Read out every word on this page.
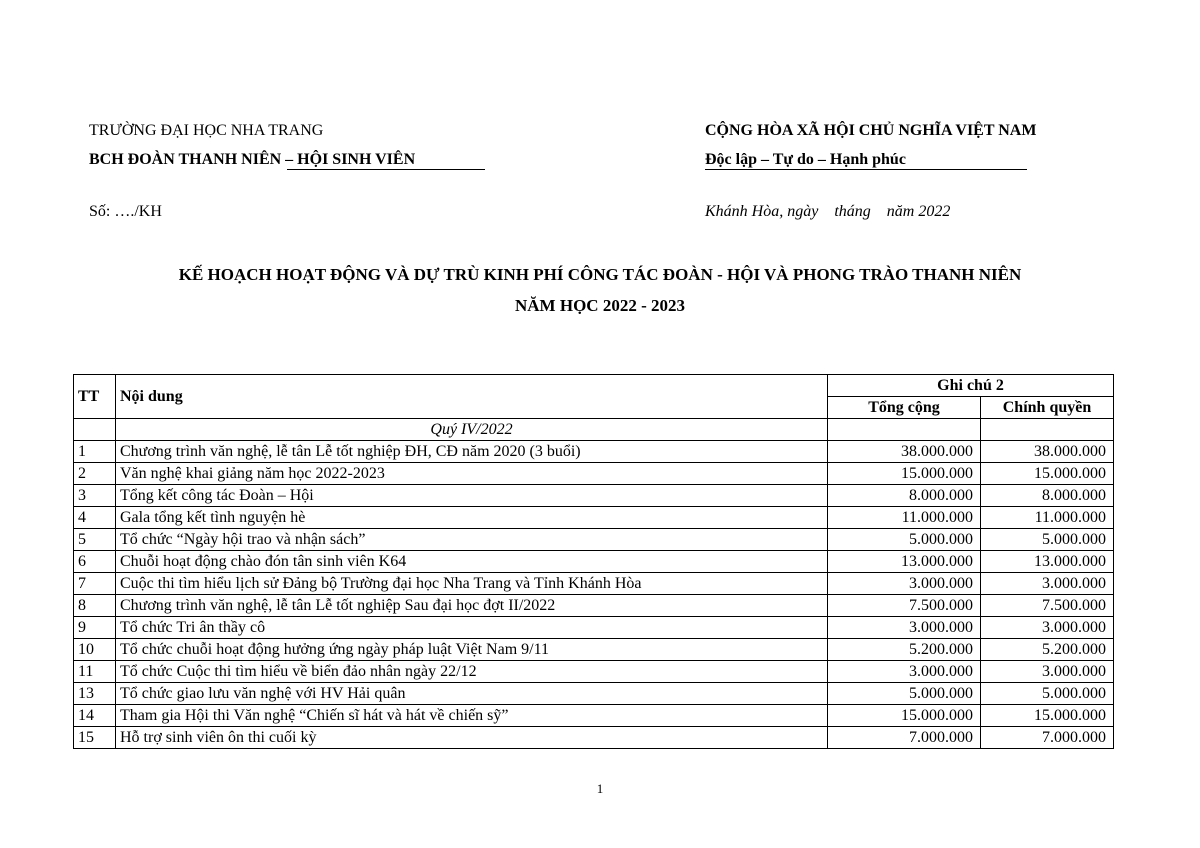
TRƯỜNG ĐẠI HỌC NHA TRANG
BCH ĐOÀN THANH NIÊN – HỘI SINH VIÊN
CỘNG HÒA XÃ HỘI CHỦ NGHĨA VIỆT NAM
Độc lập – Tự do – Hạnh phúc
Số: …./KH	Khánh Hòa, ngày    tháng    năm 2022
KẾ HOẠCH HOẠT ĐỘNG VÀ DỰ TRÙ KINH PHÍ CÔNG TÁC ĐOÀN - HỘI VÀ PHONG TRÀO THANH NIÊN
NĂM HỌC 2022 - 2023
TT	Nội dung	Ghi chú 2	
		Tổng cộng	Chính quyền
	Quý IV/2022		
1	Chương trình văn nghệ, lễ tân Lễ tốt nghiệp ĐH, CĐ năm 2020 (3 buổi)	38.000.000	38.000.000
2	Văn nghệ khai giảng năm học 2022-2023	15.000.000	15.000.000
3	Tổng kết công tác Đoàn – Hội	8.000.000	8.000.000
4	Gala tổng kết tình nguyện hè	11.000.000	11.000.000
5	Tổ chức “Ngày hội trao và nhận sách”	5.000.000	5.000.000
6	Chuỗi hoạt động chào đón tân sinh viên K64	13.000.000	13.000.000
7	Cuộc thi tìm hiểu lịch sử Đảng bộ Trường đại học Nha Trang và Tỉnh Khánh Hòa	3.000.000	3.000.000
8	Chương trình văn nghệ, lễ tân Lễ tốt nghiệp Sau đại học đợt II/2022	7.500.000	7.500.000
9	Tổ chức Tri ân thầy cô	3.000.000	3.000.000
10	Tổ chức chuỗi hoạt động hưởng ứng ngày pháp luật Việt Nam 9/11	5.200.000	5.200.000
11	Tổ chức Cuộc thi tìm hiểu về biển đảo nhân ngày 22/12	3.000.000	3.000.000
13	Tổ chức giao lưu văn nghệ với HV Hải quân	5.000.000	5.000.000
14	Tham gia Hội thi Văn nghệ “Chiến sĩ hát và hát về chiến sỹ”	15.000.000	15.000.000
15	Hỗ trợ sinh viên ôn thi cuối kỳ	7.000.000	7.000.000
1
